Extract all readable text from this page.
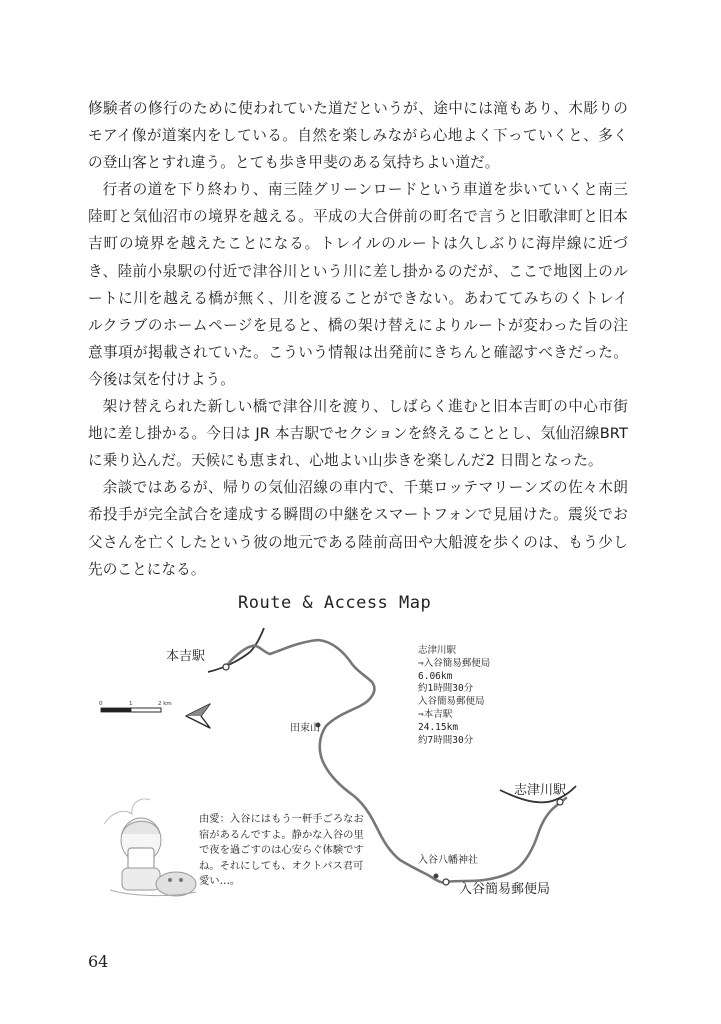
修験者の修行のために使われていた道だというが、途中には滝もあり、木彫りのモアイ像が道案内をしている。自然を楽しみながら心地よく下っていくと、多くの登山客とすれ違う。とても歩き甲斐のある気持ちよい道だ。

行者の道を下り終わり、南三陸グリーンロードという車道を歩いていくと南三陸町と気仙沼市の境界を越える。平成の大合併前の町名で言うと旧歌津町と旧本吉町の境界を越えたことになる。トレイルのルートは久しぶりに海岸線に近づき、陸前小泉駅の付近で津谷川という川に差し掛かるのだが、ここで地図上のルートに川を越える橋が無く、川を渡ることができない。あわててみちのくトレイルクラブのホームページを見ると、橋の架け替えによりルートが変わった旨の注意事項が掲載されていた。こういう情報は出発前にきちんと確認すべきだった。今後は気を付けよう。

架け替えられた新しい橋で津谷川を渡り、しばらく進むと旧本吉町の中心市街地に差し掛かる。今日は JR 本吉駅でセクションを終えることとし、気仙沼線BRTに乗り込んだ。天候にも恵まれ、心地よい山歩きを楽しんだ2 日間となった。

余談ではあるが、帰りの気仙沼線の車内で、千葉ロッテマリーンズの佐々木朗希投手が完全試合を達成する瞬間の中継をスマートフォンで見届けた。震災でお父さんを亡くしたという彼の地元である陸前高田や大船渡を歩くのは、もう少し先のことになる。

Route & Access Map
本吉駅
田束山
志津川駅
入谷八幡神社
入谷簡易郵便局
0	1	2 km
志津川駅
⇒入谷簡易郵便局
6.06km
約1時間30分
入谷簡易郵便局
⇒本吉駅
24.15km
約7時間30分
由愛：入谷にはもう一軒手ごろなお宿があるんですよ。静かな入谷の里で夜を過ごすのは心安らぐ体験ですね。それにしても、オクトパス君可愛い…。
64
